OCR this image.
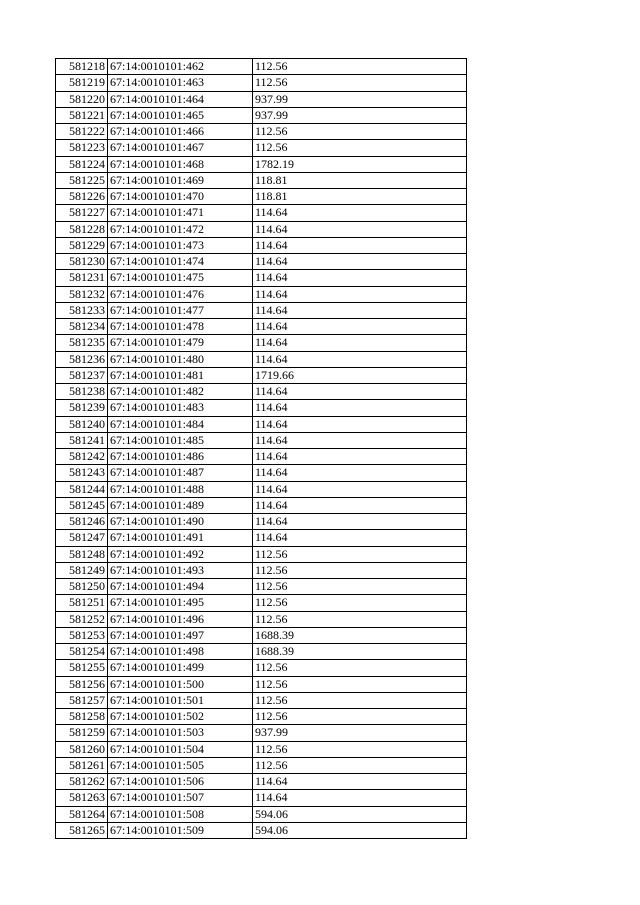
581218	67:14:0010101:462	112.56
581219	67:14:0010101:463	112.56
581220	67:14:0010101:464	937.99
581221	67:14:0010101:465	937.99
581222	67:14:0010101:466	112.56
581223	67:14:0010101:467	112.56
581224	67:14:0010101:468	1782.19
581225	67:14:0010101:469	118.81
581226	67:14:0010101:470	118.81
581227	67:14:0010101:471	114.64
581228	67:14:0010101:472	114.64
581229	67:14:0010101:473	114.64
581230	67:14:0010101:474	114.64
581231	67:14:0010101:475	114.64
581232	67:14:0010101:476	114.64
581233	67:14:0010101:477	114.64
581234	67:14:0010101:478	114.64
581235	67:14:0010101:479	114.64
581236	67:14:0010101:480	114.64
581237	67:14:0010101:481	1719.66
581238	67:14:0010101:482	114.64
581239	67:14:0010101:483	114.64
581240	67:14:0010101:484	114.64
581241	67:14:0010101:485	114.64
581242	67:14:0010101:486	114.64
581243	67:14:0010101:487	114.64
581244	67:14:0010101:488	114.64
581245	67:14:0010101:489	114.64
581246	67:14:0010101:490	114.64
581247	67:14:0010101:491	114.64
581248	67:14:0010101:492	112.56
581249	67:14:0010101:493	112.56
581250	67:14:0010101:494	112.56
581251	67:14:0010101:495	112.56
581252	67:14:0010101:496	112.56
581253	67:14:0010101:497	1688.39
581254	67:14:0010101:498	1688.39
581255	67:14:0010101:499	112.56
581256	67:14:0010101:500	112.56
581257	67:14:0010101:501	112.56
581258	67:14:0010101:502	112.56
581259	67:14:0010101:503	937.99
581260	67:14:0010101:504	112.56
581261	67:14:0010101:505	112.56
581262	67:14:0010101:506	114.64
581263	67:14:0010101:507	114.64
581264	67:14:0010101:508	594.06
581265	67:14:0010101:509	594.06
